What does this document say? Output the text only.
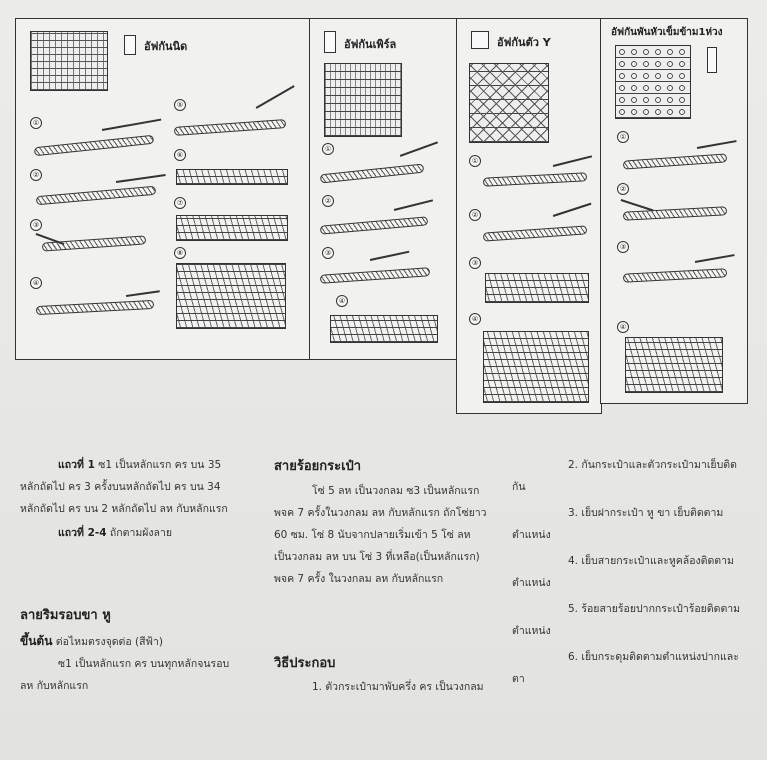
อัฟกันนิด
①
②
③
④
⑤
⑥
⑦
⑧
อัฟกันเพิร์ล
①
②
③
④
อัฟกันตัว Y
①
②
③
④
อัฟกันพันหัวเข็มข้าม1ห่วง
①
②
③
④

แถวที่ 1 ซ1 เป็นหลักแรก คร บน 35 หลักถัดไป คร 3 ครั้งบนหลักถัดไป คร บน 34 หลักถัดไป คร บน 2 หลักถัดไป ลห กับหลักแรก

แถวที่ 2-4 ถักตามผังลาย

ลายริมรอบขา หู

ขึ้นต้น ต่อไหมตรงจุดต่อ (สีฟ้า)

ซ1 เป็นหลักแรก คร บนทุกหลักจนรอบ ลห กับหลักแรก

สายร้อยกระเป๋า

โซ่ 5 ลห เป็นวงกลม ซ3 เป็นหลักแรก พจค 7 ครั้งในวงกลม ลห กับหลักแรก ถักโซ่ยาว 60 ซม. โซ่ 8 นับจากปลายเริ่มเข้า 5 โซ่ ลห เป็นวงกลม ลห บน โซ่ 3 ที่เหลือ(เป็นหลักแรก) พจค 7 ครั้ง ในวงกลม ลห กับหลักแรก

วิธีประกอบ

1. ตัวกระเป๋ามาพับครึ่ง คร เป็นวงกลม

2. กันกระเป๋าและตัวกระเป๋ามาเย็บติดกัน

3. เย็บฝากระเป๋า หู ขา เย็บติดตามตำแหน่ง

4. เย็บสายกระเป๋าและหูคล้องติดตามตำแหน่ง

5. ร้อยสายร้อยปากกระเป๋าร้อยติดตามตำแหน่ง

6. เย็บกระดุมติดตามตำแหน่งปากและตา
